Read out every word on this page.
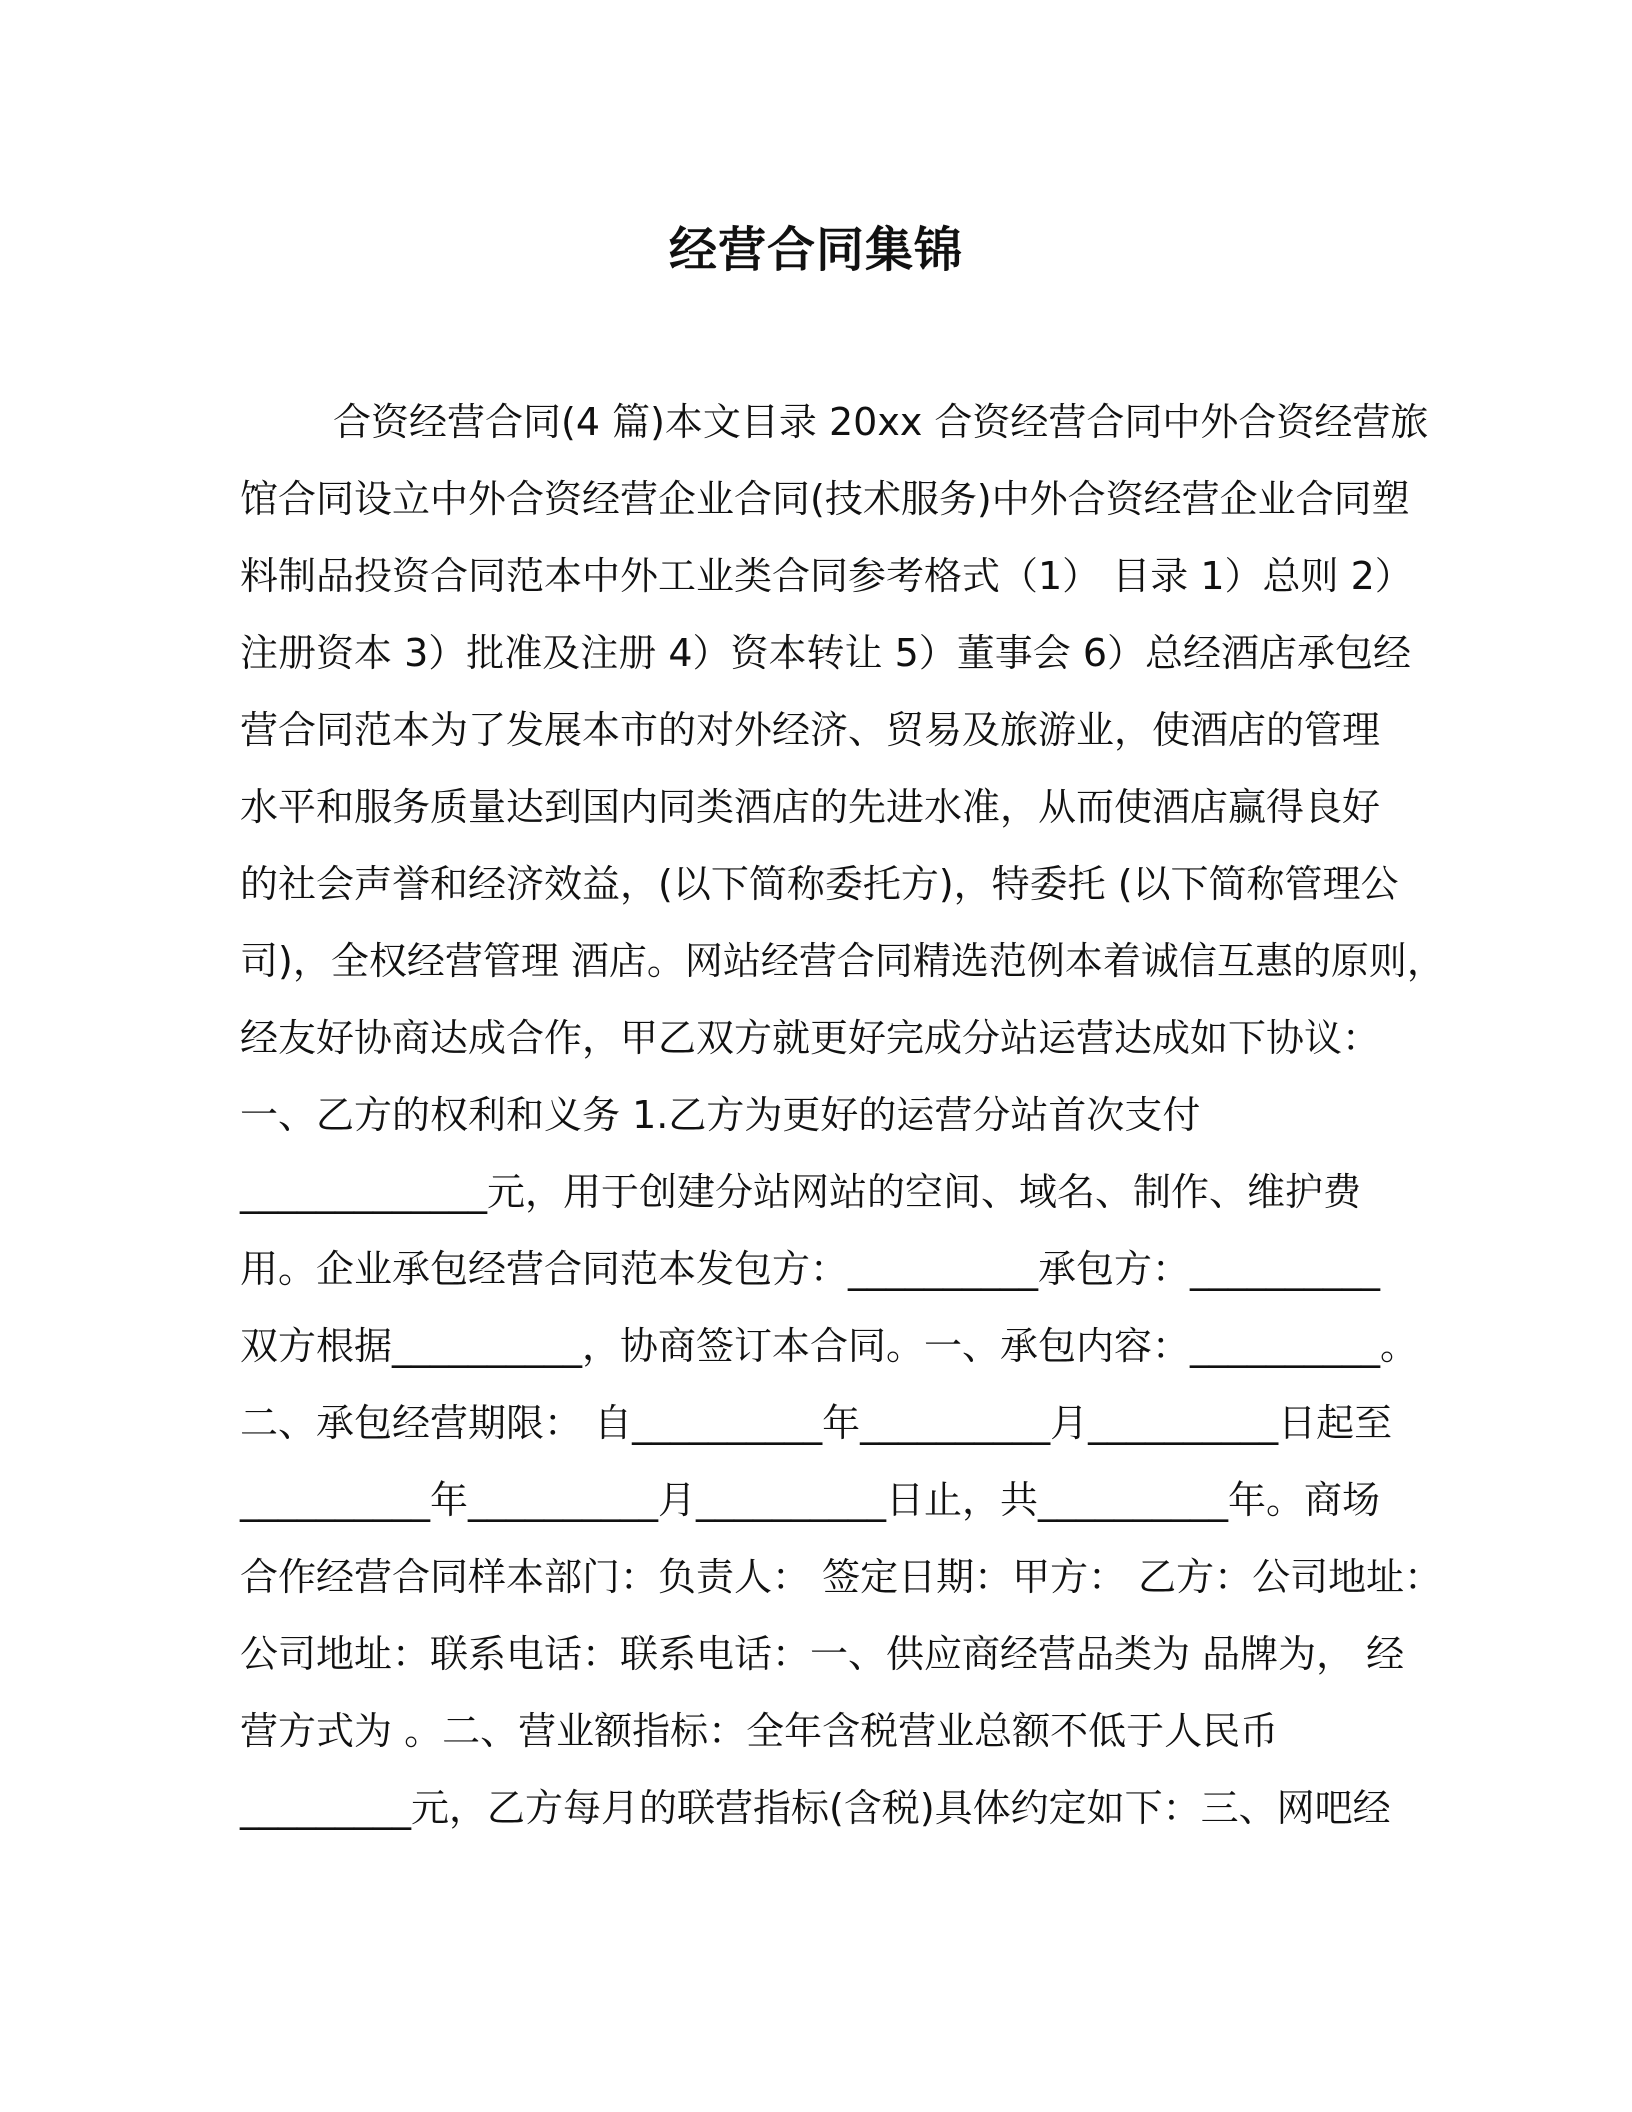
经营合同集锦
合资经营合同(4 篇)本文目录 20xx 合资经营合同中外合资经营旅
馆合同设立中外合资经营企业合同(技术服务)中外合资经营企业合同塑
料制品投资合同范本中外工业类合同参考格式（1） 目录 1）总则 2）
注册资本 3）批准及注册 4）资本转让 5）董事会 6）总经酒店承包经
营合同范本为了发展本市的对外经济、贸易及旅游业，使酒店的管理
水平和服务质量达到国内同类酒店的先进水准，从而使酒店赢得良好
的社会声誉和经济效益，(以下简称委托方)，特委托 (以下简称管理公
司)，全权经营管理 酒店。网站经营合同精选范例本着诚信互惠的原则，
经友好协商达成合作，甲乙双方就更好完成分站运营达成如下协议：
一、乙方的权利和义务 1.乙方为更好的运营分站首次支付
_____________元，用于创建分站网站的空间、域名、制作、维护费
用。企业承包经营合同范本发包方：__________承包方：__________
双方根据__________，协商签订本合同。一、承包内容：__________。
二、承包经营期限： 自__________年__________月__________日起至
__________年__________月__________日止，共__________年。商场
合作经营合同样本部门：负责人： 签定日期：甲方： 乙方：公司地址：
公司地址：联系电话：联系电话：一、供应商经营品类为 品牌为， 经
营方式为 。二、营业额指标：全年含税营业总额不低于人民币
_________元，乙方每月的联营指标(含税)具体约定如下：三、网吧经
